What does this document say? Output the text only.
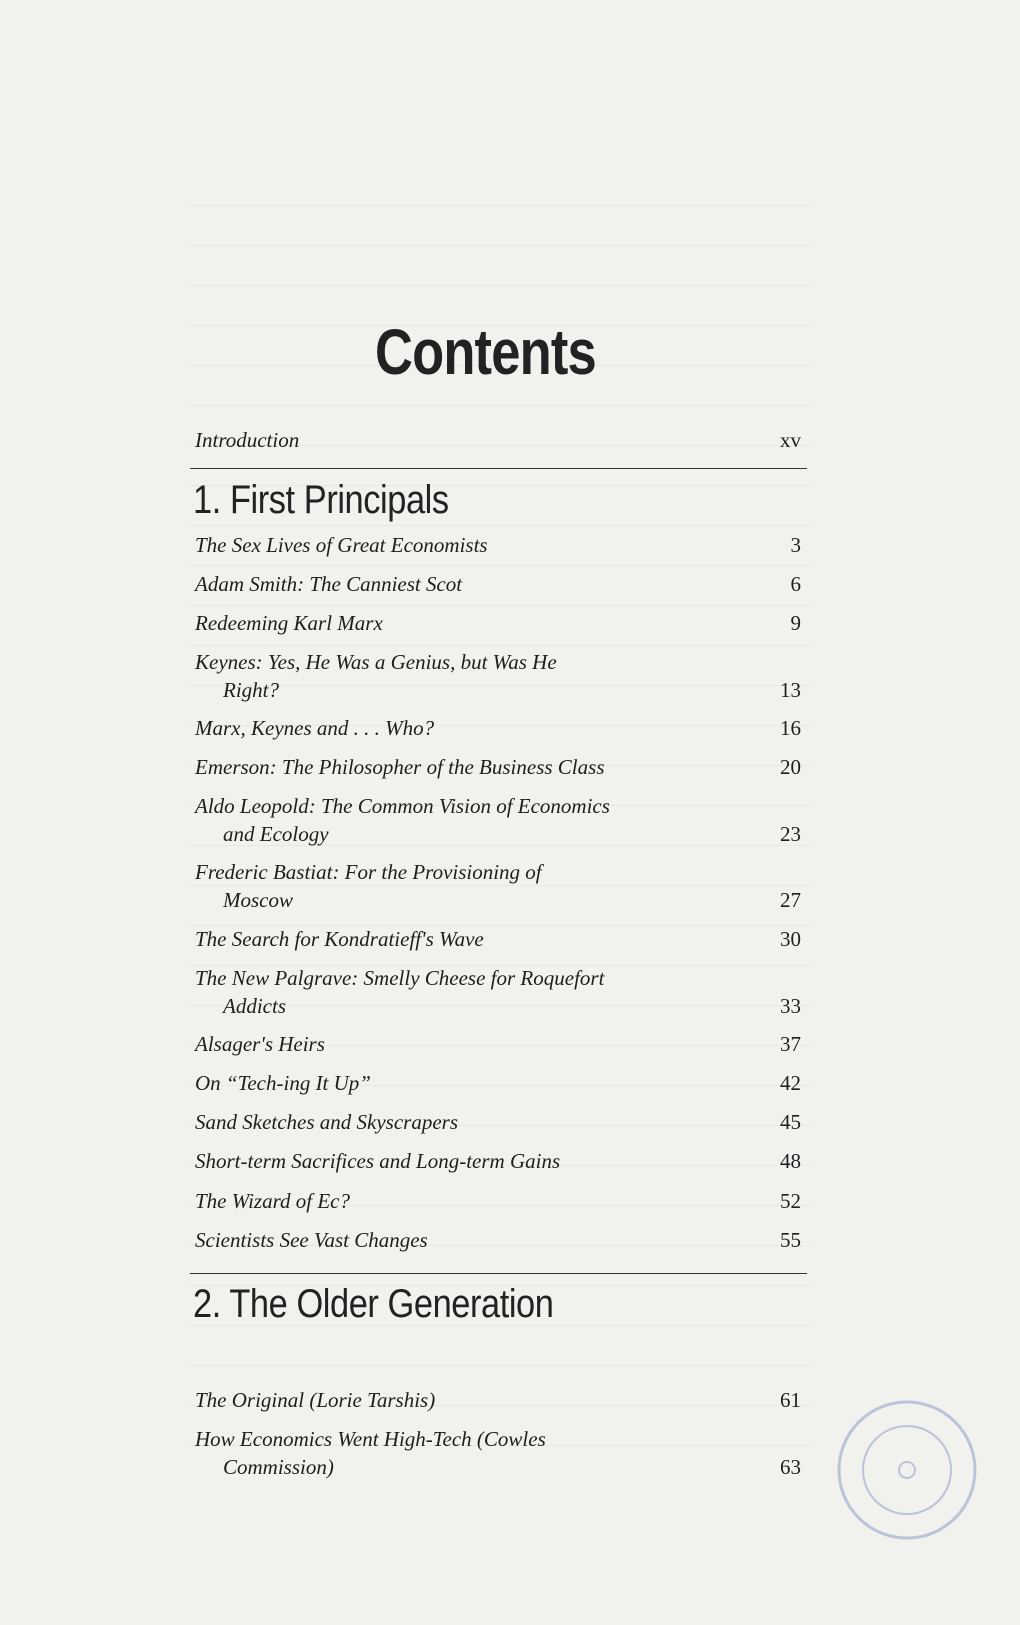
Contents
Introduction	xv
1. First Principals
The Sex Lives of Great Economists	3
Adam Smith: The Canniest Scot	6
Redeeming Karl Marx	9
Keynes: Yes, He Was a Genius, but Was He
Right?	13
Marx, Keynes and . . . Who?	16
Emerson: The Philosopher of the Business Class	20
Aldo Leopold: The Common Vision of Economics
and Ecology	23
Frederic Bastiat: For the Provisioning of
Moscow	27
The Search for Kondratieff's Wave	30
The New Palgrave: Smelly Cheese for Roquefort
Addicts	33
Alsager's Heirs	37
On “Tech-ing It Up”	42
Sand Sketches and Skyscrapers	45
Short-term Sacrifices and Long-term Gains	48
The Wizard of Ec?	52
Scientists See Vast Changes	55
2. The Older Generation
The Original (Lorie Tarshis)	61
How Economics Went High-Tech (Cowles
Commission)	63
